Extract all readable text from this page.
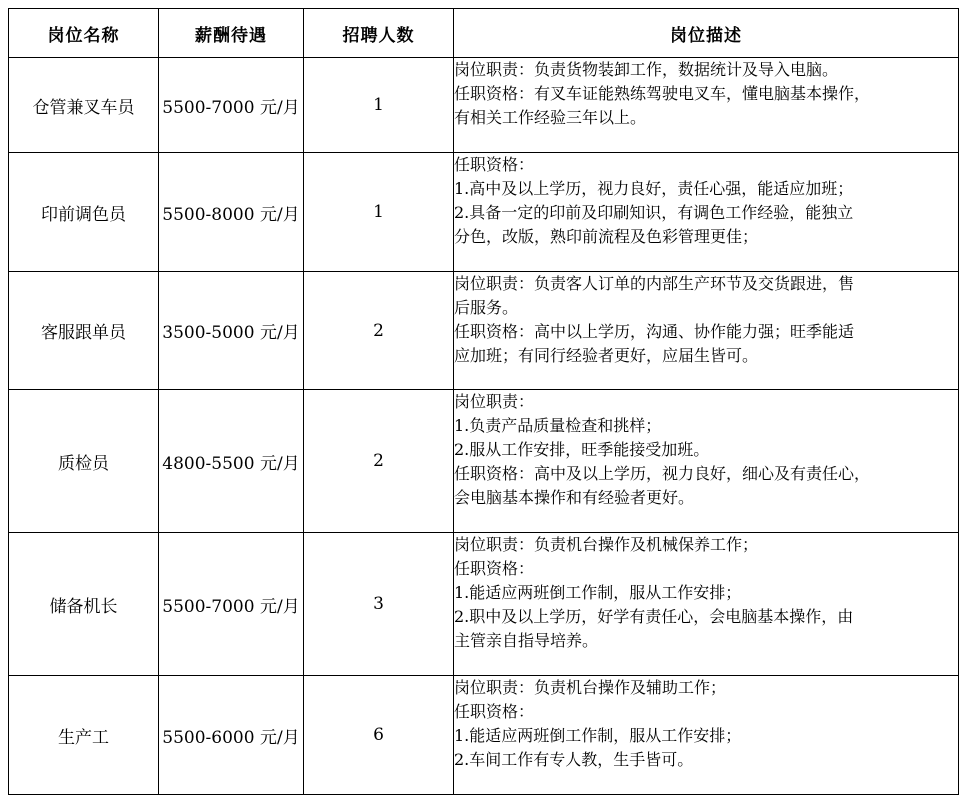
岗位名称	薪酬待遇	招聘人数	岗位描述
仓管兼叉车员	5500-7000 元/月	1	岗位职责：负责货物装卸工作，数据统计及导入电脑。
任职资格：有叉车证能熟练驾驶电叉车，懂电脑基本操作，
有相关工作经验三年以上。

印前调色员	5500-8000 元/月	1	任职资格：
1.高中及以上学历，视力良好，责任心强，能适应加班；
2.具备一定的印前及印刷知识，有调色工作经验，能独立
分色，改版，熟印前流程及色彩管理更佳；

客服跟单员	3500-5000 元/月	2	岗位职责：负责客人订单的内部生产环节及交货跟进，售
后服务。
任职资格：高中以上学历，沟通、协作能力强；旺季能适
应加班；有同行经验者更好，应届生皆可。

质检员	4800-5500 元/月	2	岗位职责：
1.负责产品质量检查和挑样；
2.服从工作安排，旺季能接受加班。
任职资格：高中及以上学历，视力良好，细心及有责任心，
会电脑基本操作和有经验者更好。

储备机长	5500-7000 元/月	3	岗位职责：负责机台操作及机械保养工作；
任职资格：
1.能适应两班倒工作制，服从工作安排；
2.职中及以上学历，好学有责任心，会电脑基本操作，由
主管亲自指导培养。

生产工	5500-6000 元/月	6	岗位职责：负责机台操作及辅助工作；
任职资格：
1.能适应两班倒工作制，服从工作安排；
2.车间工作有专人教，生手皆可。
